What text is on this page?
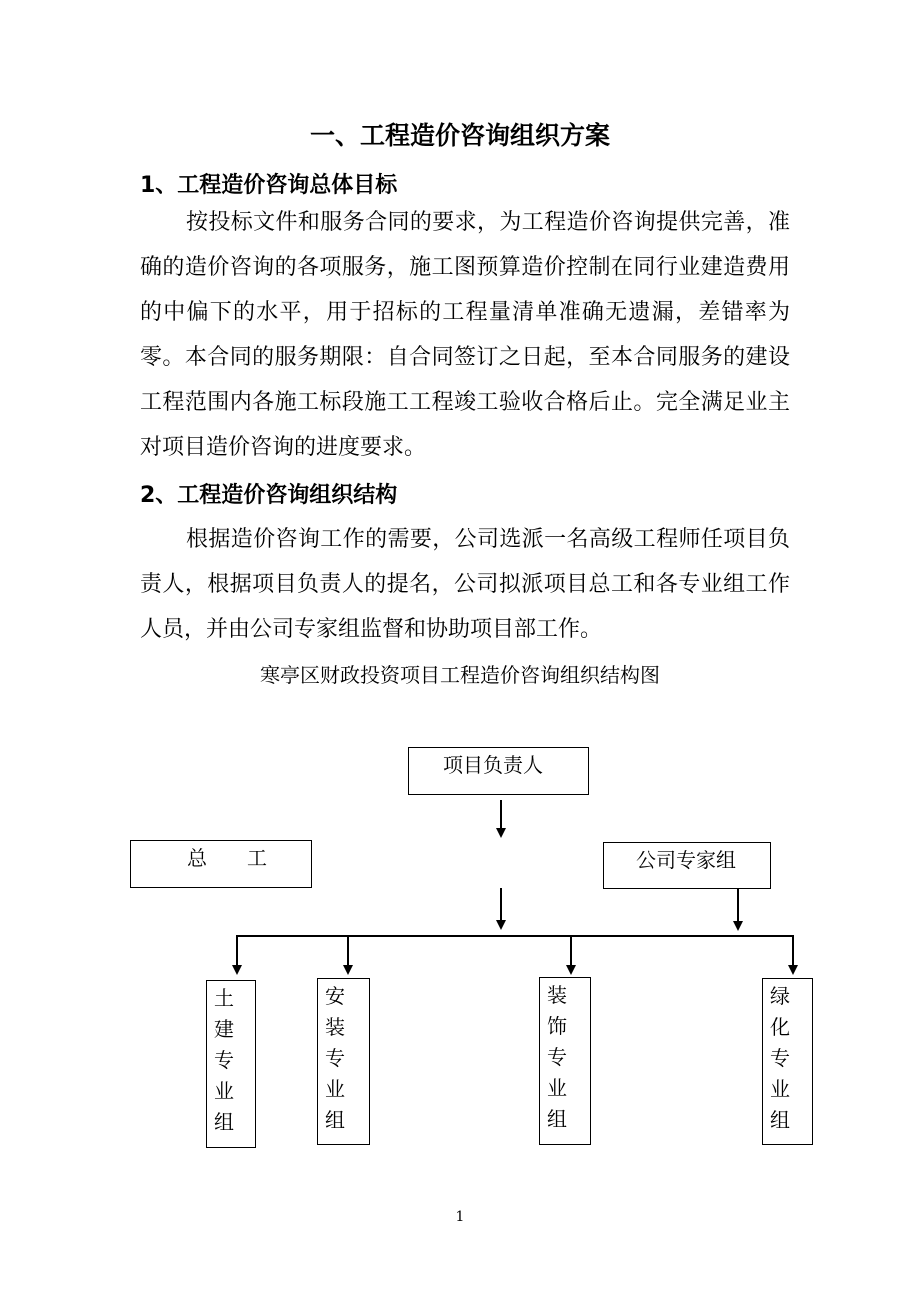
一、工程造价咨询组织方案
1、工程造价咨询总体目标

按投标文件和服务合同的要求，为工程造价咨询提供完善，准确的造价咨询的各项服务，施工图预算造价控制在同行业建造费用的中偏下的水平，用于招标的工程量清单准确无遗漏，差错率为零。本合同的服务期限：自合同签订之日起，至本合同服务的建设工程范围内各施工标段施工工程竣工验收合格后止。完全满足业主对项目造价咨询的进度要求。

2、工程造价咨询组织结构

根据造价咨询工作的需要，公司选派一名高级工程师任项目负责人，根据项目负责人的提名，公司拟派项目总工和各专业组工作人员，并由公司专家组监督和协助项目部工作。

寒亭区财政投资项目工程造价咨询组织结构图

项目负责人
总　　工	公司专家组
土
建
专
业
组
安
装
专
业
组
装
饰
专
业
组
绿
化
专
业
组
1
